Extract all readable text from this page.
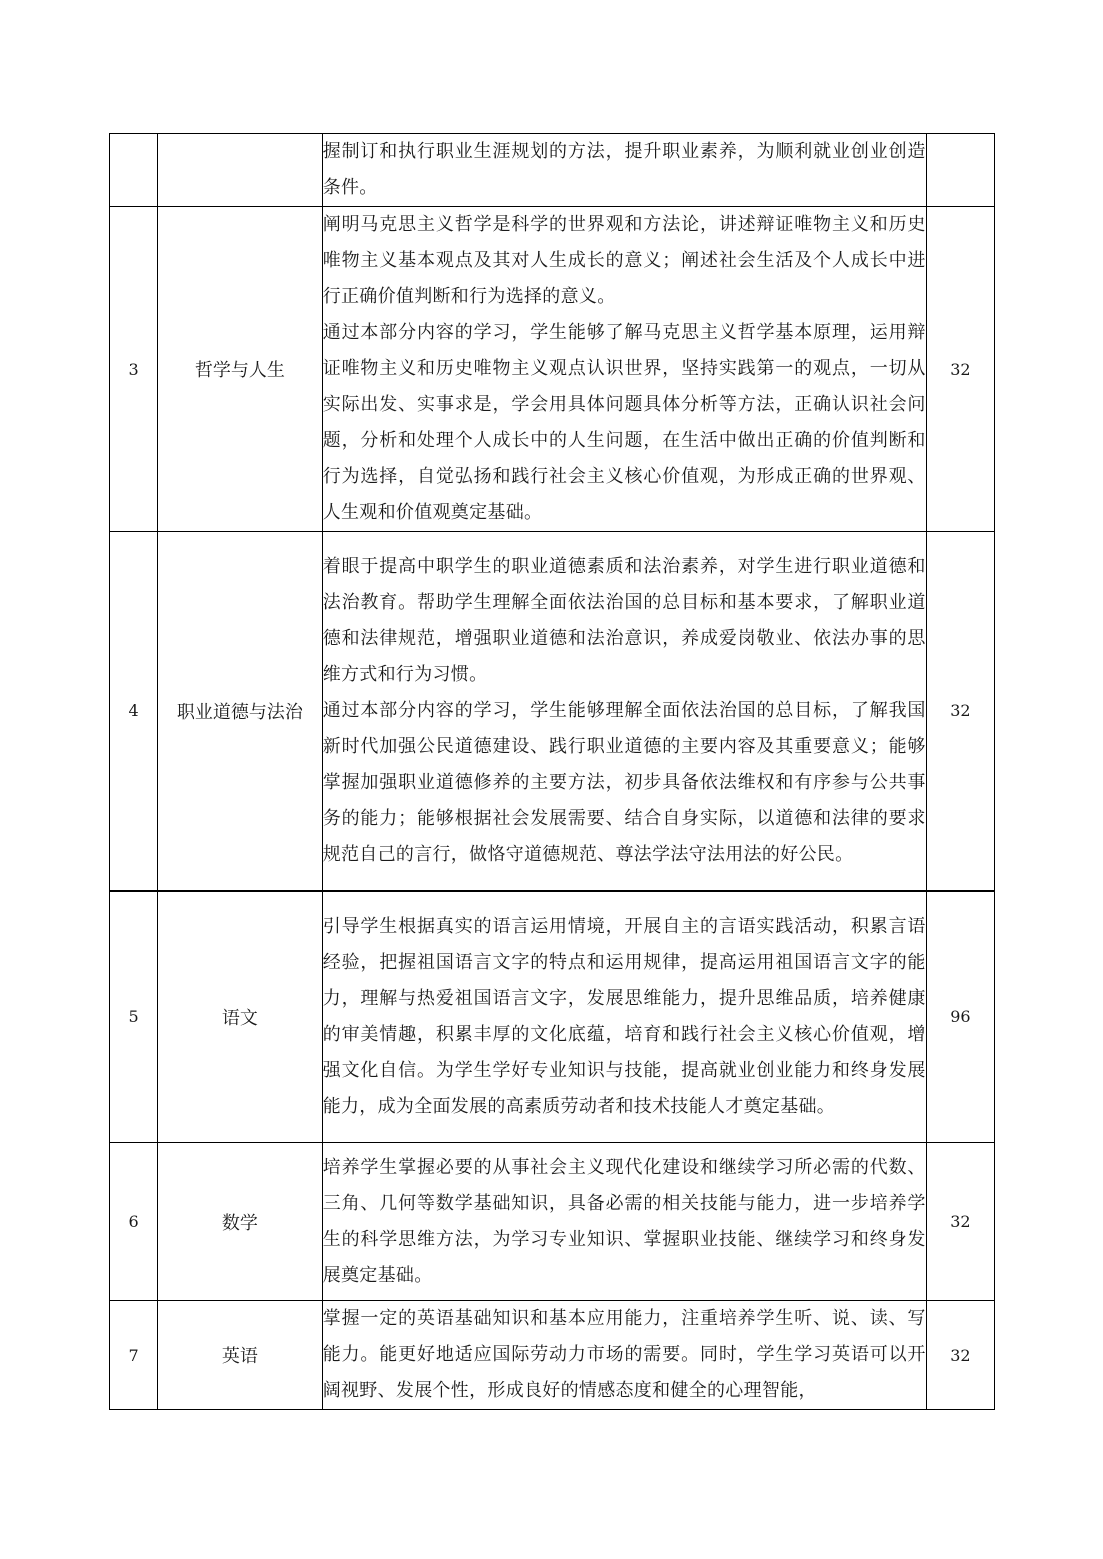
		握制订和执行职业生涯规划的方法，提升职业素养，为顺利就业创业创造条件。	

3	哲学与人生	阐明马克思主义哲学是科学的世界观和方法论，讲述辩证唯物主义和历史唯物主义基本观点及其对人生成长的意义；阐述社会生活及个人成长中进行正确价值判断和行为选择的意义。

通过本部分内容的学习，学生能够了解马克思主义哲学基本原理，运用辩证唯物主义和历史唯物主义观点认识世界，坚持实践第一的观点，一切从实际出发、实事求是，学会用具体问题具体分析等方法，正确认识社会问题，分析和处理个人成长中的人生问题，在生活中做出正确的价值判断和行为选择，自觉弘扬和践行社会主义核心价值观，为形成正确的世界观、人生观和价值观奠定基础。	32
4	职业道德与法治	着眼于提高中职学生的职业道德素质和法治素养，对学生进行职业道德和法治教育。帮助学生理解全面依法治国的总目标和基本要求，了解职业道德和法律规范，增强职业道德和法治意识，养成爱岗敬业、依法办事的思维方式和行为习惯。

通过本部分内容的学习，学生能够理解全面依法治国的总目标，了解我国新时代加强公民道德建设、践行职业道德的主要内容及其重要意义；能够掌握加强职业道德修养的主要方法，初步具备依法维权和有序参与公共事务的能力；能够根据社会发展需要、结合自身实际，以道德和法律的要求规范自己的言行，做恪守道德规范、尊法学法守法用法的好公民。	32
5	语文	引导学生根据真实的语言运用情境，开展自主的言语实践活动，积累言语经验，把握祖国语言文字的特点和运用规律，提高运用祖国语言文字的能力，理解与热爱祖国语言文字，发展思维能力，提升思维品质，培养健康的审美情趣，积累丰厚的文化底蕴，培育和践行社会主义核心价值观，增强文化自信。为学生学好专业知识与技能，提高就业创业能力和终身发展能力，成为全面发展的高素质劳动者和技术技能人才奠定基础。	96
6	数学	培养学生掌握必要的从事社会主义现代化建设和继续学习所必需的代数、三角、几何等数学基础知识，具备必需的相关技能与能力，进一步培养学生的科学思维方法，为学习专业知识、掌握职业技能、继续学习和终身发展奠定基础。	32
7	英语	掌握一定的英语基础知识和基本应用能力，注重培养学生听、说、读、写能力。能更好地适应国际劳动力市场的需要。同时，学生学习英语可以开阔视野、发展个性，形成良好的情感态度和健全的心理智能，	32
